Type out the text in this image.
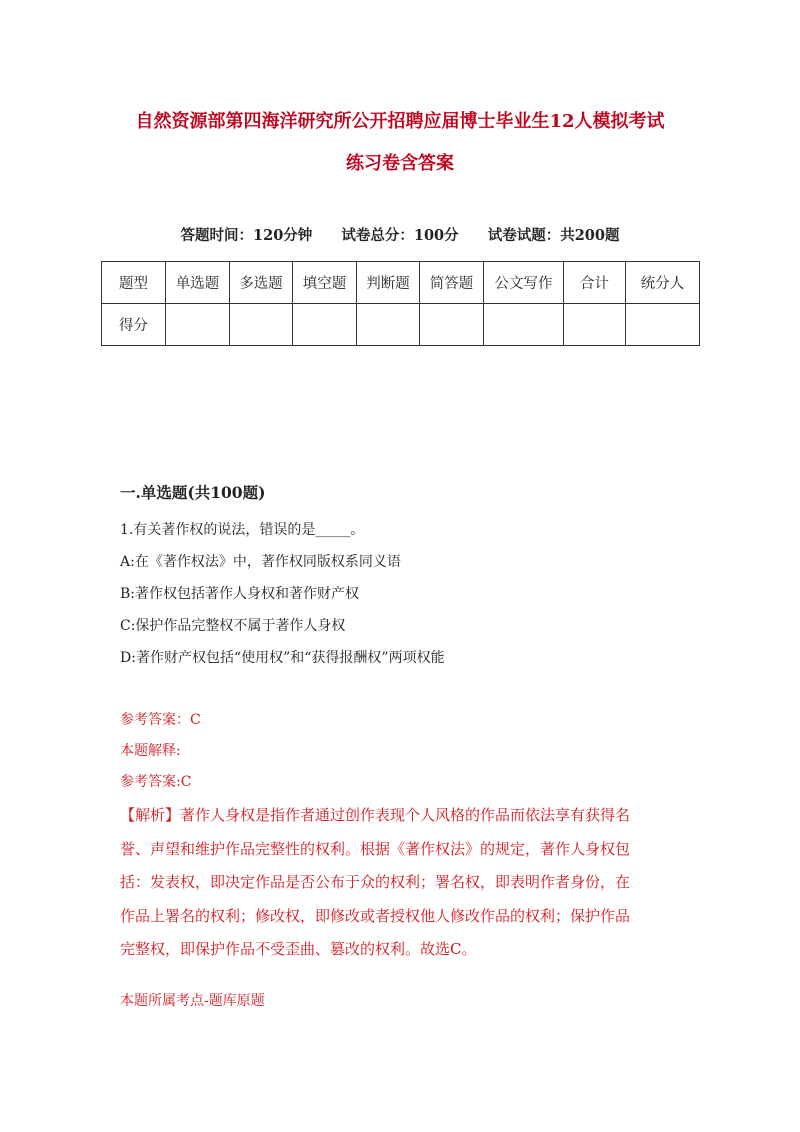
自然资源部第四海洋研究所公开招聘应届博士毕业生12人模拟考试
练习卷含答案
答题时间：120分钟 试卷总分：100分 试卷试题：共200题
题型	单选题	多选题	填空题	判断题	简答题	公文写作	合计	统分人
得分								
一.单选题(共100题)
1.有关著作权的说法，错误的是_____。
A:在《著作权法》中，著作权同版权系同义语
B:著作权包括著作人身权和著作财产权
C:保护作品完整权不属于著作人身权
D:著作财产权包括“使用权”和“获得报酬权”两项权能
参考答案：C
本题解释:
参考答案:C
【解析】著作人身权是指作者通过创作表现个人风格的作品而依法享有获得名
誉、声望和维护作品完整性的权利。根据《著作权法》的规定，著作人身权包
括：发表权，即决定作品是否公布于众的权利；署名权，即表明作者身份，在
作品上署名的权利；修改权，即修改或者授权他人修改作品的权利；保护作品
完整权，即保护作品不受歪曲、篡改的权利。故选C。
本题所属考点-题库原题
